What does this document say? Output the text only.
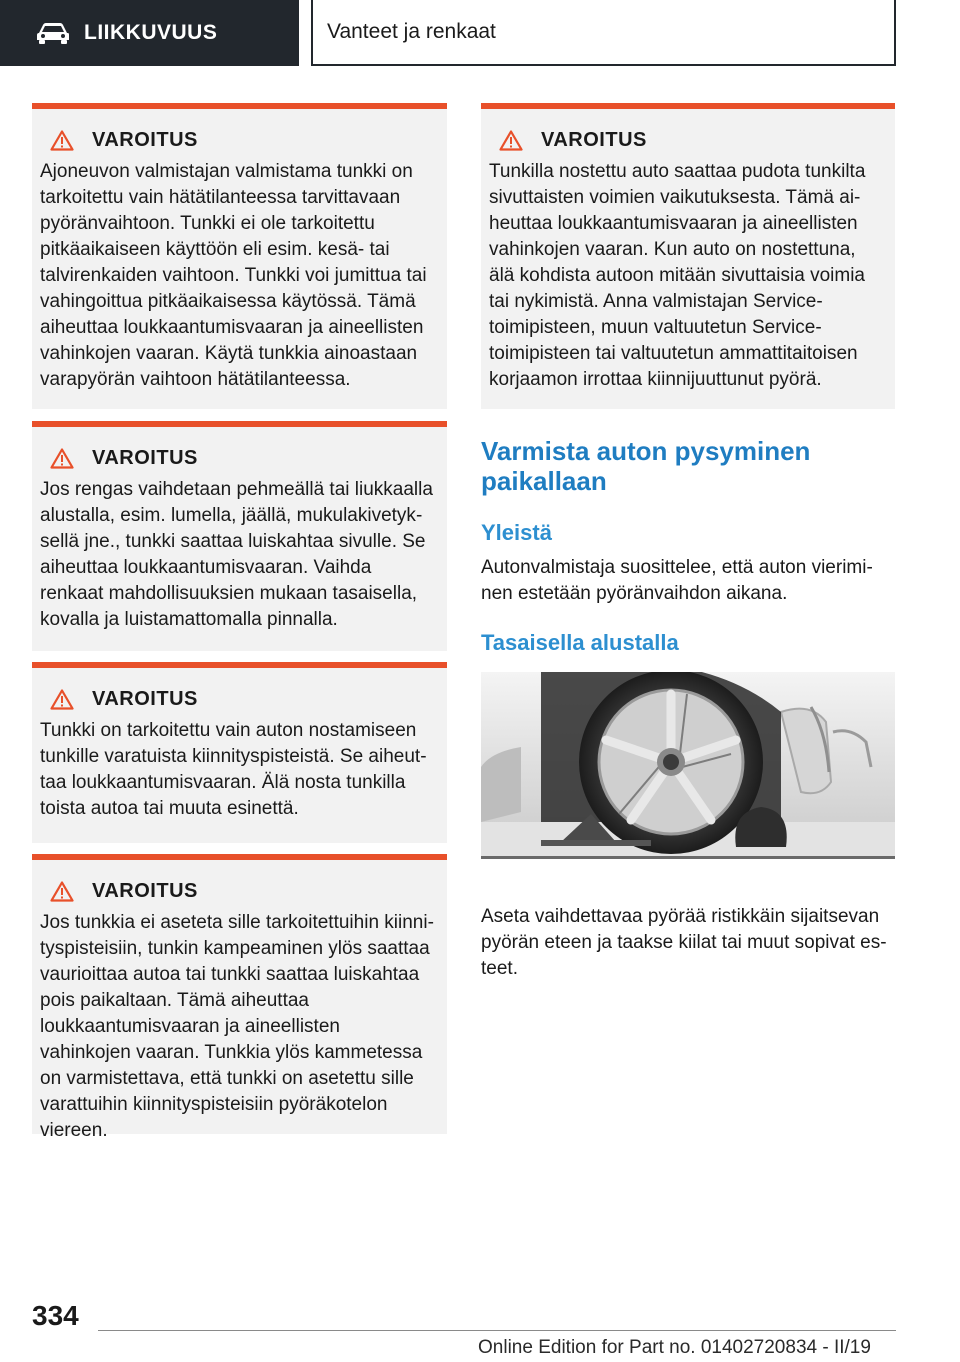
LIIKKUVUUS	Vanteet ja renkaat
VAROITUS
Ajoneuvon valmistajan valmistama tunkki on tarkoitettu vain hätätilanteessa tarvittavaan pyöränvaihtoon. Tunkki ei ole tarkoitettu pitkäaikaiseen käyttöön eli esim. kesä- tai talvirenkaiden vaihtoon. Tunkki voi jumittua tai vahingoittua pitkäaikaisessa käytössä. Tämä aiheuttaa loukkaantumisvaaran ja aineellisten vahinkojen vaaran. Käytä tunkkia ainoastaan varapyörän vaihtoon hätätilanteessa.
VAROITUS
Jos rengas vaihdetaan pehmeällä tai liukkaalla alustalla, esim. lumella, jäällä, mukulakivetyksellä jne., tunkki saattaa luiskahtaa sivulle. Se aiheuttaa loukkaantumisvaaran. Vaihda renkaat mahdollisuuksien mukaan tasaisella, kovalla ja luistamattomalla pinnalla.
VAROITUS
Tunkki on tarkoitettu vain auton nostamiseen tunkille varatuista kiinnityspisteistä. Se aiheuttaa loukkaantumisvaaran. Älä nosta tunkilla toista autoa tai muuta esinettä.
VAROITUS
Jos tunkkia ei aseteta sille tarkoitettuihin kiinnityspisteisiin, tunkin kampeaminen ylös saattaa vaurioittaa autoa tai tunkki saattaa luiskahtaa pois paikaltaan. Tämä aiheuttaa loukkaantumisvaaran ja aineellisten vahinkojen vaaran. Tunkkia ylös kammetessa on varmistettava, että tunkki on asetettu sille varattuihin kiinnityspisteisiin pyöräkotelon viereen.
VAROITUS
Tunkilla nostettu auto saattaa pudota tunkilta sivuttaisten voimien vaikutuksesta. Tämä aiheuttaa loukkaantumisvaaran ja aineellisten vahinkojen vaaran. Kun auto on nostettuna, älä kohdista autoon mitään sivuttaisia voimia tai nykimistä. Anna valmistajan Service-toimipisteen, muun valtuutetun Service-toimipisteen tai valtuutetun ammattitaitoisen korjaamon irrottaa kiinnijuuttunut pyörä.
Varmista auton pysyminen paikallaan
Yleistä
Autonvalmistaja suosittelee, että auton vieriminen estetään pyöränvaihdon aikana.
Tasaisella alustalla
Aseta vaihdettavaa pyörää ristikkäin sijaitsevan pyörän eteen ja taakse kiilat tai muut sopivat esteet.
334
Online Edition for Part no. 01402720834 - II/19
